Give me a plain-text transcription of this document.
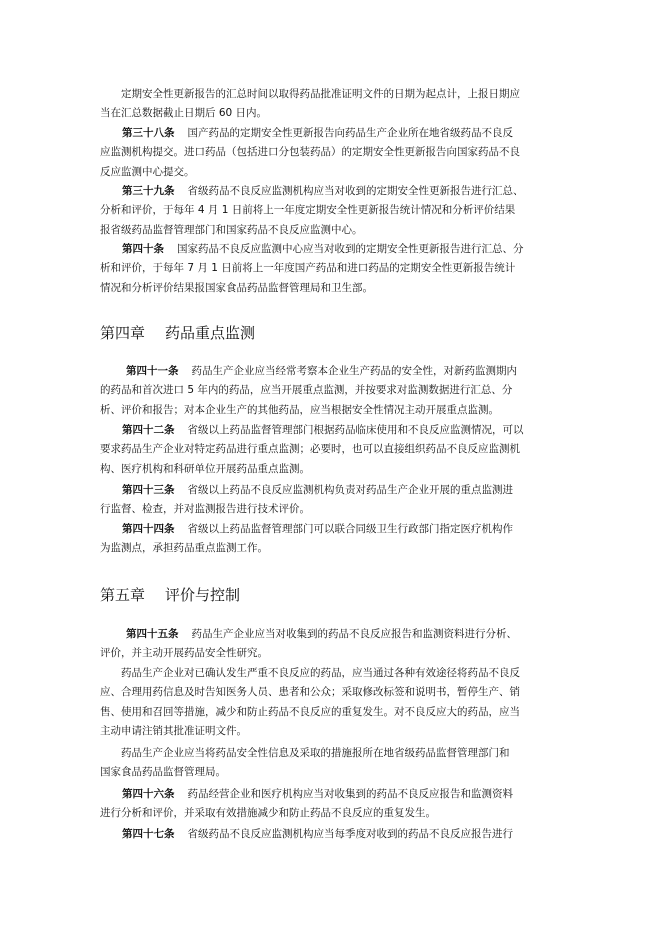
定期安全性更新报告的汇总时间以取得药品批准证明文件的日期为起点计，上报日期应
当在汇总数据截止日期后 60 日内。
第三十八条 国产药品的定期安全性更新报告向药品生产企业所在地省级药品不良反
应监测机构提交。进口药品（包括进口分包装药品）的定期安全性更新报告向国家药品不良
反应监测中心提交。
第三十九条 省级药品不良反应监测机构应当对收到的定期安全性更新报告进行汇总、
分析和评价，于每年 4 月 1 日前将上一年度定期安全性更新报告统计情况和分析评价结果
报省级药品监督管理部门和国家药品不良反应监测中心。
第四十条 国家药品不良反应监测中心应当对收到的定期安全性更新报告进行汇总、分
析和评价，于每年 7 月 1 日前将上一年度国产药品和进口药品的定期安全性更新报告统计
情况和分析评价结果报国家食品药品监督管理局和卫生部。
第四章 药品重点监测
第四十一条 药品生产企业应当经常考察本企业生产药品的安全性，对新药监测期内
的药品和首次进口 5 年内的药品，应当开展重点监测，并按要求对监测数据进行汇总、分
析、评价和报告；对本企业生产的其他药品，应当根据安全性情况主动开展重点监测。
第四十二条 省级以上药品监督管理部门根据药品临床使用和不良反应监测情况，可以
要求药品生产企业对特定药品进行重点监测；必要时，也可以直接组织药品不良反应监测机
构、医疗机构和科研单位开展药品重点监测。
第四十三条 省级以上药品不良反应监测机构负责对药品生产企业开展的重点监测进
行监督、检查，并对监测报告进行技术评价。
第四十四条 省级以上药品监督管理部门可以联合同级卫生行政部门指定医疗机构作
为监测点，承担药品重点监测工作。
第五章 评价与控制
第四十五条 药品生产企业应当对收集到的药品不良反应报告和监测资料进行分析、
评价，并主动开展药品安全性研究。
药品生产企业对已确认发生严重不良反应的药品，应当通过各种有效途径将药品不良反
应、合理用药信息及时告知医务人员、患者和公众；采取修改标签和说明书，暂停生产、销
售、使用和召回等措施，减少和防止药品不良反应的重复发生。对不良反应大的药品，应当
主动申请注销其批准证明文件。
药品生产企业应当将药品安全性信息及采取的措施报所在地省级药品监督管理部门和
国家食品药品监督管理局。
第四十六条 药品经营企业和医疗机构应当对收集到的药品不良反应报告和监测资料
进行分析和评价，并采取有效措施减少和防止药品不良反应的重复发生。
第四十七条 省级药品不良反应监测机构应当每季度对收到的药品不良反应报告进行
